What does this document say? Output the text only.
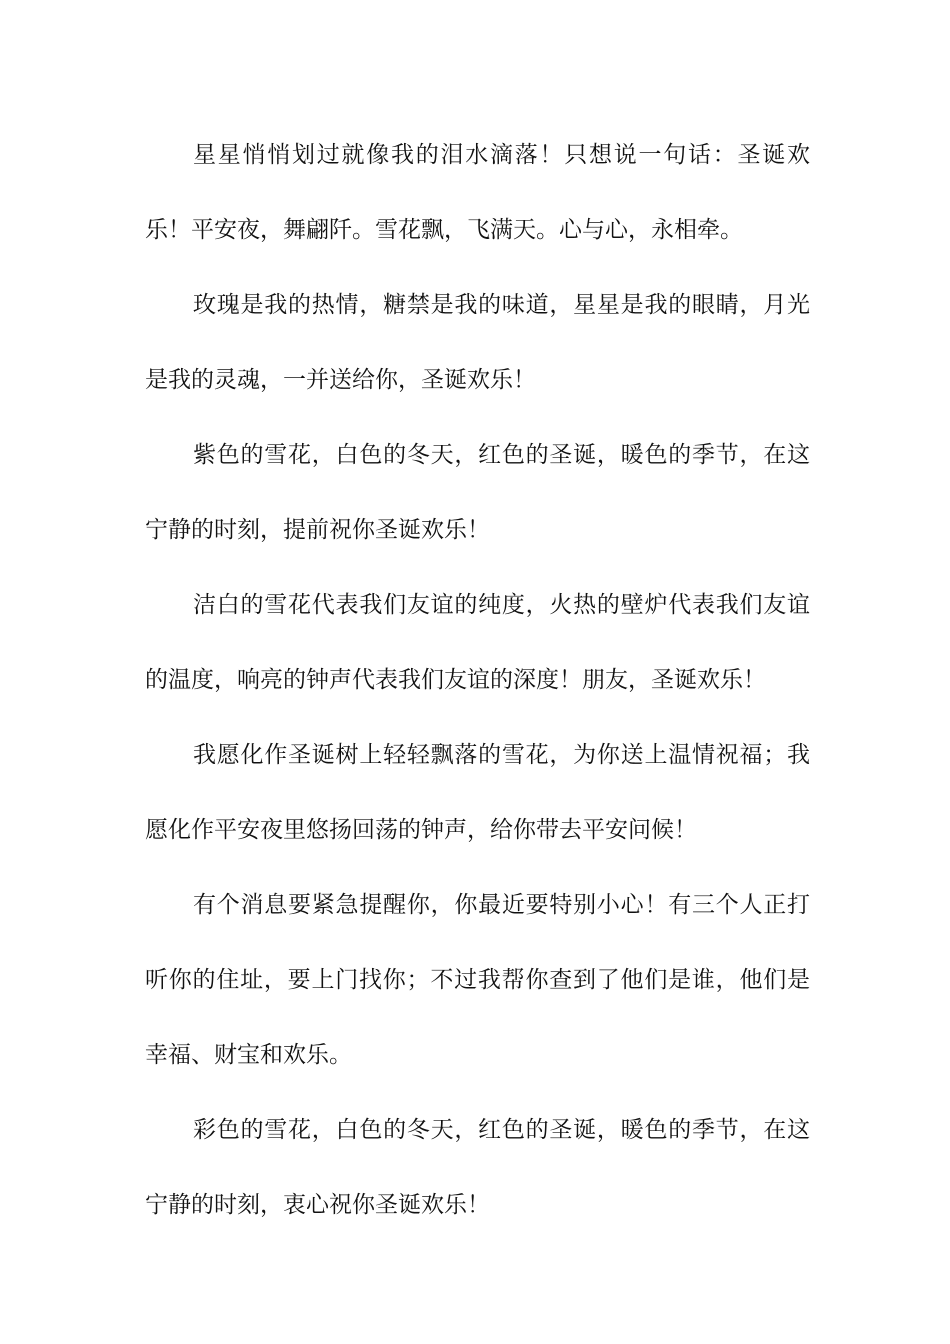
星星悄悄划过就像我的泪水滴落！只想说一句话：圣诞欢乐！平安夜，舞翩阡。雪花飘，飞满天。心与心，永相牵。

玫瑰是我的热情，糖禁是我的味道，星星是我的眼睛，月光是我的灵魂，一并送给你，圣诞欢乐！

紫色的雪花，白色的冬天，红色的圣诞，暖色的季节，在这宁静的时刻，提前祝你圣诞欢乐！

洁白的雪花代表我们友谊的纯度，火热的壁炉代表我们友谊的温度，响亮的钟声代表我们友谊的深度！朋友，圣诞欢乐！

我愿化作圣诞树上轻轻飘落的雪花，为你送上温情祝福；我愿化作平安夜里悠扬回荡的钟声，给你带去平安问候！

有个消息要紧急提醒你，你最近要特别小心！有三个人正打听你的住址，要上门找你；不过我帮你查到了他们是谁，他们是幸福、财宝和欢乐。

彩色的雪花，白色的冬天，红色的圣诞，暖色的季节，在这宁静的时刻，衷心祝你圣诞欢乐！
